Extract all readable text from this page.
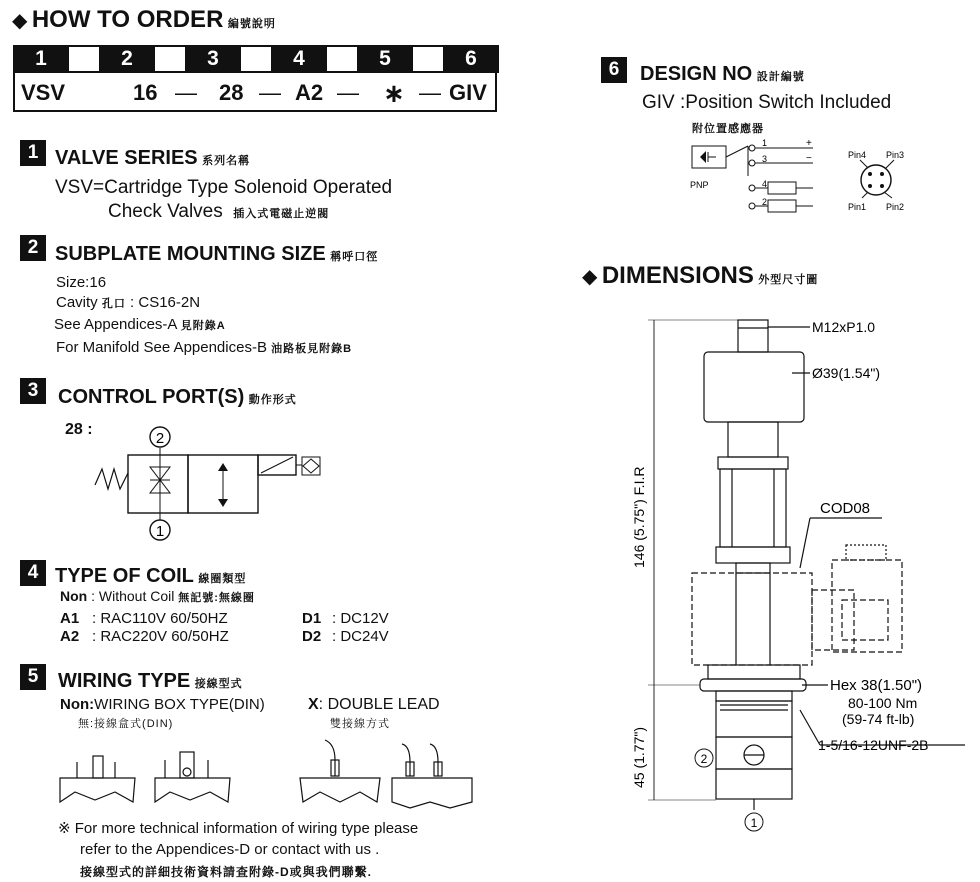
◆ HOW TO ORDER 編號說明
1		2		3		4		5		6
VSV	16 — 28 — A2 — ∗ — GIV
1 VALVE SERIES 系列名稱
VSV=Cartridge Type Solenoid Operated
Check Valves 插入式電磁止逆閥
2 SUBPLATE MOUNTING SIZE 稱呼口徑
Size:16
Cavity 孔口 : CS16-2N
See Appendices-A 見附錄A
For Manifold See Appendices-B 油路板見附錄B
3 CONTROL PORT(S) 動作形式
28 :
2
1
4 TYPE OF COIL 線圈類型
Non : Without Coil 無記號:無線圈
A1 : RAC110V 60/50HZ
A2 : RAC220V 60/50HZ
D1 : DC12V
D2 : DC24V
5 WIRING TYPE 接線型式
Non:WIRING BOX TYPE(DIN)
無:接線盒式(DIN)
X: DOUBLE LEAD
雙接線方式
※ For more technical information of wiring type please
refer to the Appendices-D or contact with us .
接線型式的詳細技術資料請查附錄-D或與我們聯繫.
6	DESIGN NO 設計編號
GIV :Position Switch Included
附位置感應器
PNP
1
3
4
2
+
−	Pin4 Pin3
Pin1 Pin2
◆ DIMENSIONS 外型尺寸圖
M12xP1.0
Ø39(1.54")
COD08
Hex 38(1.50")
80-100 Nm
(59-74 ft-lb)
1-5/16-12UNF-2B
146 (5.75") F.I.R
45 (1.77")	2
1
